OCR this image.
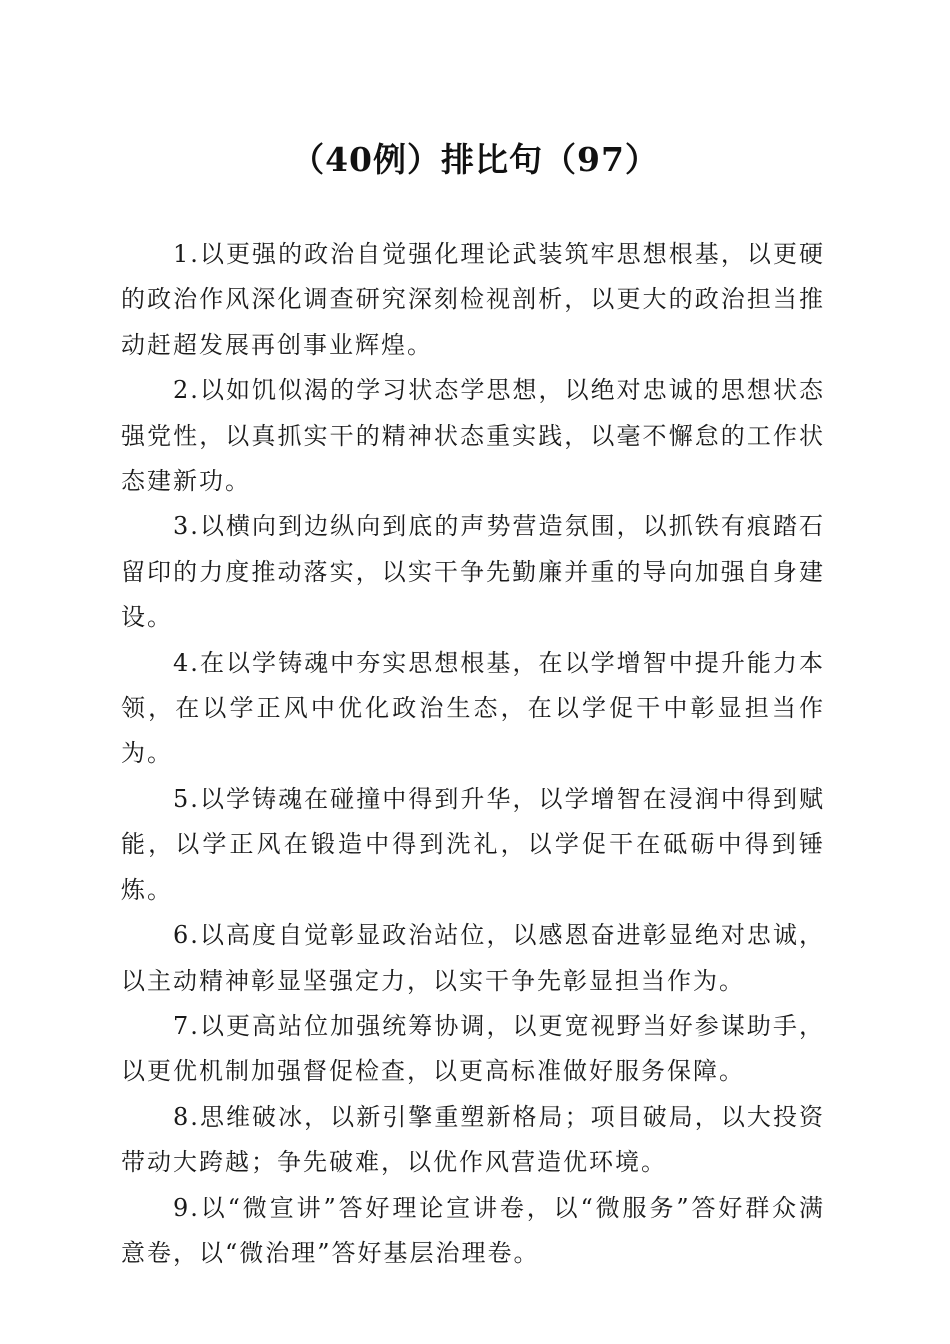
（40例）排比句（97）

1.以更强的政治自觉强化理论武装筑牢思想根基，以更硬的政治作风深化调查研究深刻检视剖析，以更大的政治担当推动赶超发展再创事业辉煌。

2.以如饥似渴的学习状态学思想，以绝对忠诚的思想状态强党性，以真抓实干的精神状态重实践，以毫不懈怠的工作状态建新功。

3.以横向到边纵向到底的声势营造氛围，以抓铁有痕踏石留印的力度推动落实，以实干争先勤廉并重的导向加强自身建设。

4.在以学铸魂中夯实思想根基，在以学增智中提升能力本领，在以学正风中优化政治生态，在以学促干中彰显担当作为。

5.以学铸魂在碰撞中得到升华，以学增智在浸润中得到赋能，以学正风在锻造中得到洗礼，以学促干在砥砺中得到锤炼。

6.以高度自觉彰显政治站位，以感恩奋进彰显绝对忠诚，以主动精神彰显坚强定力，以实干争先彰显担当作为。

7.以更高站位加强统筹协调，以更宽视野当好参谋助手，以更优机制加强督促检查，以更高标准做好服务保障。

8.思维破冰，以新引擎重塑新格局；项目破局，以大投资带动大跨越；争先破难，以优作风营造优环境。

9.以“微宣讲”答好理论宣讲卷，以“微服务”答好群众满意卷，以“微治理”答好基层治理卷。
